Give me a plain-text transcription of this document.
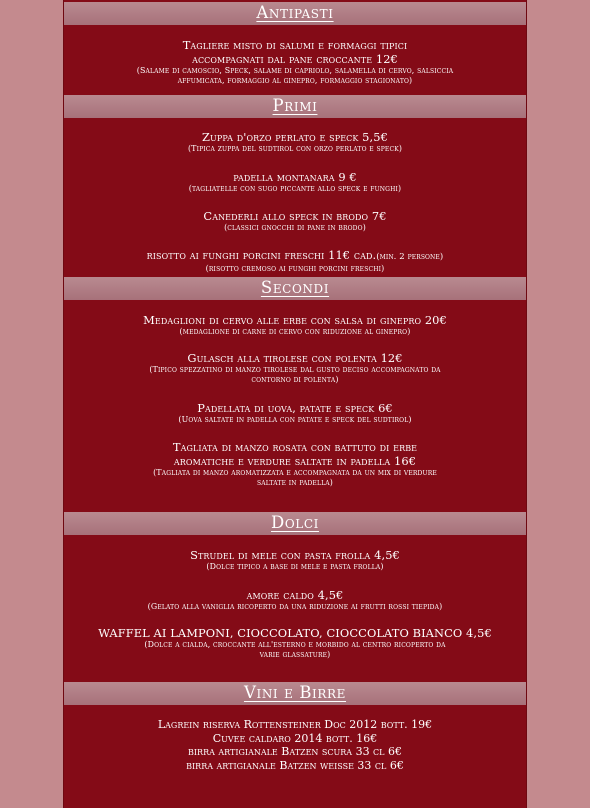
Antipasti
Tagliere misto di salumi e formaggi tipici
accompagnati dal pane croccante 12€
(Salame di camoscio, Speck, salame di capriolo, salamella di cervo, salsiccia
affumicata, formaggio al ginepro, formaggio stagionato)
Primi
Zuppa d'orzo perlato e speck 5,5€
(Tipica zuppa del sudtirol con orzo perlato e speck)
padella montanara 9 €
(tagliatelle con sugo piccante allo speck e funghi)
Canederli allo speck in brodo 7€
(classici gnocchi di pane in brodo)
risotto ai funghi porcini freschi 11€ cad.(min. 2 persone)
(risotto cremoso ai funghi porcini freschi)
Secondi
Medaglioni di cervo alle erbe con salsa di ginepro 20€
(medaglione di carne di cervo con riduzione al ginepro)
Gulasch alla tirolese con polenta 12€
(Tipico spezzatino di manzo tirolese dal gusto deciso accompagnato da
contorno di polenta)
Padellata di uova, patate e speck 6€
(Uova saltate in padella con patate e speck del sudtirol)
Tagliata di manzo rosata con battuto di erbe
aromatiche e verdure saltate in padella 16€
(Tagliata di manzo aromatizzata e accompagnata da un mix di verdure
saltate in padella)
Dolci
Strudel di mele con pasta frolla 4,5€
(Dolce tipico a base di mele e pasta frolla)
amore caldo 4,5€
(Gelato alla vaniglia ricoperto da una riduzione ai frutti rossi tiepida)
WAFFEL AI LAMPONI, CIOCCOLATO, CIOCCOLATO BIANCO 4,5€
(Dolce a cialda, croccante all'esterno e morbido al centro ricoperto da
varie glassature)
Vini e Birre
Lagrein riserva Rottensteiner Doc 2012 bott. 19€
Cuvee caldaro 2014 bott. 16€
birra artigianale Batzen scura 33 cl 6€
birra artigianale Batzen weisse 33 cl 6€
